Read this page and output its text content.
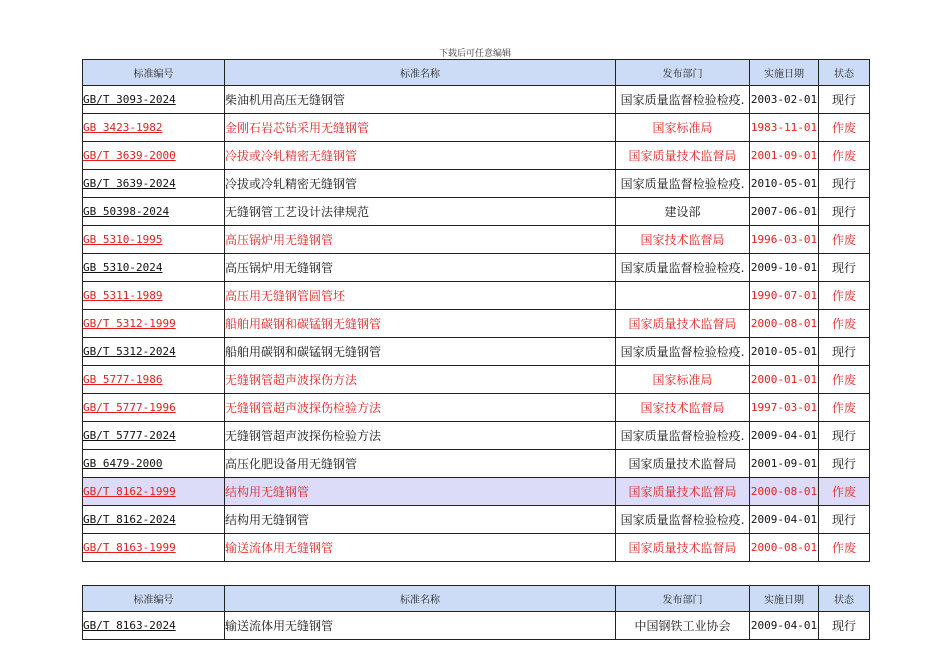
下载后可任意编辑
标准编号	标准名称	发布部门	实施日期	状态
GB/T 3093-2024	柴油机用高压无缝钢管	国家质量监督检验检疫.	2003-02-01	现行
GB 3423-1982	金刚石岩芯钻采用无缝钢管	国家标准局	1983-11-01	作废
GB/T 3639-2000	冷拔或冷轧精密无缝钢管	国家质量技术监督局	2001-09-01	作废
GB/T 3639-2024	冷拔或冷轧精密无缝钢管	国家质量监督检验检疫.	2010-05-01	现行
GB 50398-2024	无缝钢管工艺设计法律规范	建设部	2007-06-01	现行
GB 5310-1995	高压锅炉用无缝钢管	国家技术监督局	1996-03-01	作废
GB 5310-2024	高压锅炉用无缝钢管	国家质量监督检验检疫.	2009-10-01	现行
GB 5311-1989	高压用无缝钢管圆管坯		1990-07-01	作废
GB/T 5312-1999	船舶用碳钢和碳锰钢无缝钢管	国家质量技术监督局	2000-08-01	作废
GB/T 5312-2024	船舶用碳钢和碳锰钢无缝钢管	国家质量监督检验检疫.	2010-05-01	现行
GB 5777-1986	无缝钢管超声波探伤方法	国家标准局	2000-01-01	作废
GB/T 5777-1996	无缝钢管超声波探伤检验方法	国家技术监督局	1997-03-01	作废
GB/T 5777-2024	无缝钢管超声波探伤检验方法	国家质量监督检验检疫.	2009-04-01	现行
GB 6479-2000	高压化肥设备用无缝钢管	国家质量技术监督局	2001-09-01	现行
GB/T 8162-1999	结构用无缝钢管	国家质量技术监督局	2000-08-01	作废
GB/T 8162-2024	结构用无缝钢管	国家质量监督检验检疫.	2009-04-01	现行
GB/T 8163-1999	输送流体用无缝钢管	国家质量技术监督局	2000-08-01	作废
标准编号	标准名称	发布部门	实施日期	状态
GB/T 8163-2024	输送流体用无缝钢管	中国钢铁工业协会	2009-04-01	现行
